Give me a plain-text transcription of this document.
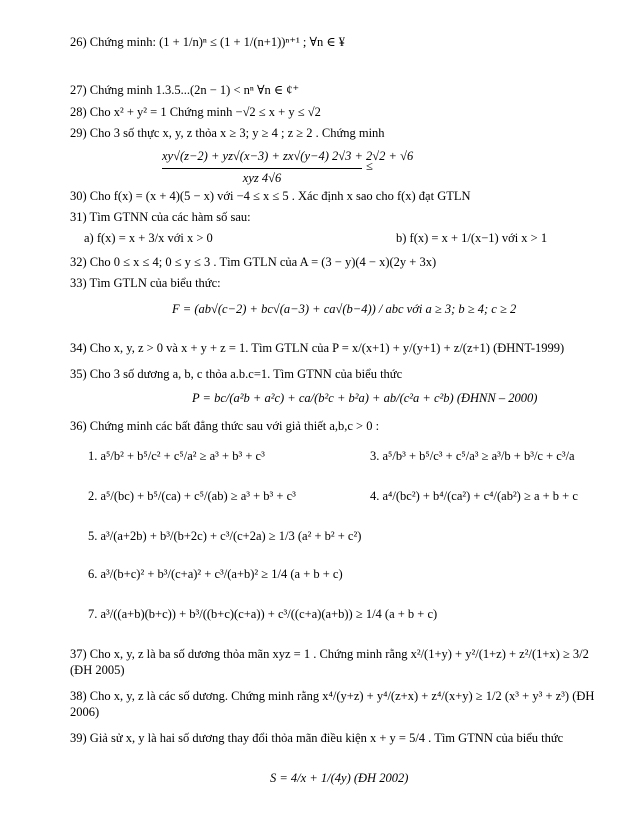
26) Chứng minh: (1 + 1/n)ⁿ ≤ (1 + 1/(n+1))ⁿ⁺¹ ; ∀n ∈ ¥
27) Chứng minh 1.3.5...(2n − 1) < nⁿ ∀n ∈ ¢⁺
28) Cho x² + y² = 1 Chứng minh −√2 ≤ x + y ≤ √2
29) Cho 3 số thực x, y, z thỏa x ≥ 3; y ≥ 4 ; z ≥ 2 . Chứng minh
xy√(z−2) + yz√(x−3) + zx√(y−4) 2√3 + 2√2 + √6
xyz 4√6
≤
30) Cho f(x) = (x + 4)(5 − x) với −4 ≤ x ≤ 5 . Xác định x sao cho f(x) đạt GTLN
31) Tìm GTNN của các hàm số sau:
a) f(x) = x + 3/x với x > 0	b) f(x) = x + 1/(x−1) với x > 1
32) Cho 0 ≤ x ≤ 4; 0 ≤ y ≤ 3 . Tìm GTLN của A = (3 − y)(4 − x)(2y + 3x)
33) Tìm GTLN của biểu thức:
F = (ab√(c−2) + bc√(a−3) + ca√(b−4)) / abc với a ≥ 3; b ≥ 4; c ≥ 2
34) Cho x, y, z > 0 và x + y + z = 1. Tìm GTLN của P = x/(x+1) + y/(y+1) + z/(z+1) (ĐHNT-1999)
35) Cho 3 số dương a, b, c thỏa a.b.c=1. Tìm GTNN của biểu thức
P = bc/(a²b + a²c) + ca/(b²c + b²a) + ab/(c²a + c²b) (ĐHNN – 2000)
36) Chứng minh các bất đẳng thức sau với giả thiết a,b,c > 0 :
1. a⁵/b² + b⁵/c² + c⁵/a² ≥ a³ + b³ + c³	3. a⁵/b³ + b⁵/c³ + c⁵/a³ ≥ a³/b + b³/c + c³/a
2. a⁵/(bc) + b⁵/(ca) + c⁵/(ab) ≥ a³ + b³ + c³	4. a⁴/(bc²) + b⁴/(ca²) + c⁴/(ab²) ≥ a + b + c
5. a³/(a+2b) + b³/(b+2c) + c³/(c+2a) ≥ 1/3 (a² + b² + c²)
6. a³/(b+c)² + b³/(c+a)² + c³/(a+b)² ≥ 1/4 (a + b + c)
7. a³/((a+b)(b+c)) + b³/((b+c)(c+a)) + c³/((c+a)(a+b)) ≥ 1/4 (a + b + c)
37) Cho x, y, z là ba số dương thỏa mãn xyz = 1 . Chứng minh rằng x²/(1+y) + y²/(1+z) + z²/(1+x) ≥ 3/2 (ĐH 2005)
38) Cho x, y, z là các số dương. Chứng minh rằng x⁴/(y+z) + y⁴/(z+x) + z⁴/(x+y) ≥ 1/2 (x³ + y³ + z³) (ĐH 2006)
39) Giả sử x, y là hai số dương thay đổi thỏa mãn điều kiện x + y = 5/4 . Tìm GTNN của biểu thức
S = 4/x + 1/(4y) (ĐH 2002)
